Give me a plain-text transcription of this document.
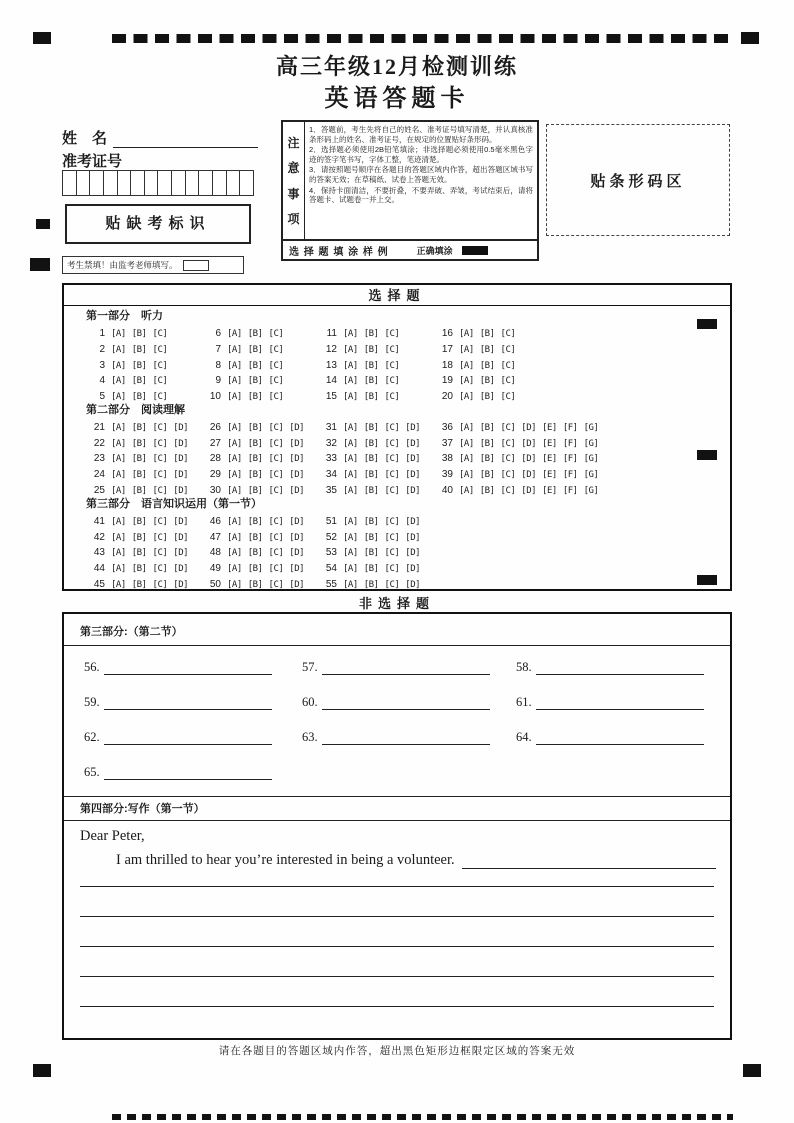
高三年级12月检测训练
英语答题卡
姓　名
准考证号
贴缺考标识
考生禁填！由监考老师填写。
注
意
事
项
1．答题前，考生先将自己的姓名、准考证号填写清楚，并认真核准条形码上的姓名、准考证号，在规定的位置贴好条形码。
2．选择题必须使用2B铅笔填涂；非选择题必须使用0.5毫米黑色字迹的签字笔书写，字体工整，笔迹清楚。
3．请按照题号顺序在各题目的答题区域内作答，超出答题区域书写的答案无效；在草稿纸、试卷上答题无效。
4．保持卡面清洁，不要折叠，不要弄破、弄皱，考试结束后，请将答题卡、试题卷一并上交。
选 择 题 填 涂 样 例	正确填涂
贴条形码区
选择题
第一部分　听力
1 [A] [B] [C]	6 [A] [B] [C]	11 [A] [B] [C]	16 [A] [B] [C]
2 [A] [B] [C]	7 [A] [B] [C]	12 [A] [B] [C]	17 [A] [B] [C]
3 [A] [B] [C]	8 [A] [B] [C]	13 [A] [B] [C]	18 [A] [B] [C]
4 [A] [B] [C]	9 [A] [B] [C]	14 [A] [B] [C]	19 [A] [B] [C]
5 [A] [B] [C]	10 [A] [B] [C]	15 [A] [B] [C]	20 [A] [B] [C]
第二部分　阅读理解
21 [A] [B] [C] [D]	26 [A] [B] [C] [D]	31 [A] [B] [C] [D]	36 [A] [B] [C] [D] [E] [F] [G]
22 [A] [B] [C] [D]	27 [A] [B] [C] [D]	32 [A] [B] [C] [D]	37 [A] [B] [C] [D] [E] [F] [G]
23 [A] [B] [C] [D]	28 [A] [B] [C] [D]	33 [A] [B] [C] [D]	38 [A] [B] [C] [D] [E] [F] [G]
24 [A] [B] [C] [D]	29 [A] [B] [C] [D]	34 [A] [B] [C] [D]	39 [A] [B] [C] [D] [E] [F] [G]
25 [A] [B] [C] [D]	30 [A] [B] [C] [D]	35 [A] [B] [C] [D]	40 [A] [B] [C] [D] [E] [F] [G]
第三部分　语言知识运用（第一节）
41 [A] [B] [C] [D]	46 [A] [B] [C] [D]	51 [A] [B] [C] [D]
42 [A] [B] [C] [D]	47 [A] [B] [C] [D]	52 [A] [B] [C] [D]
43 [A] [B] [C] [D]	48 [A] [B] [C] [D]	53 [A] [B] [C] [D]
44 [A] [B] [C] [D]	49 [A] [B] [C] [D]	54 [A] [B] [C] [D]
45 [A] [B] [C] [D]	50 [A] [B] [C] [D]	55 [A] [B] [C] [D]
非选择题
第三部分:（第二节）
56.	57.	58.
59.	60.	61.
62.	63.	64.
65.
第四部分:写作（第一节）
Dear Peter,
I am thrilled to hear you’re interested in being a volunteer.
请在各题目的答题区域内作答，超出黑色矩形边框限定区域的答案无效
